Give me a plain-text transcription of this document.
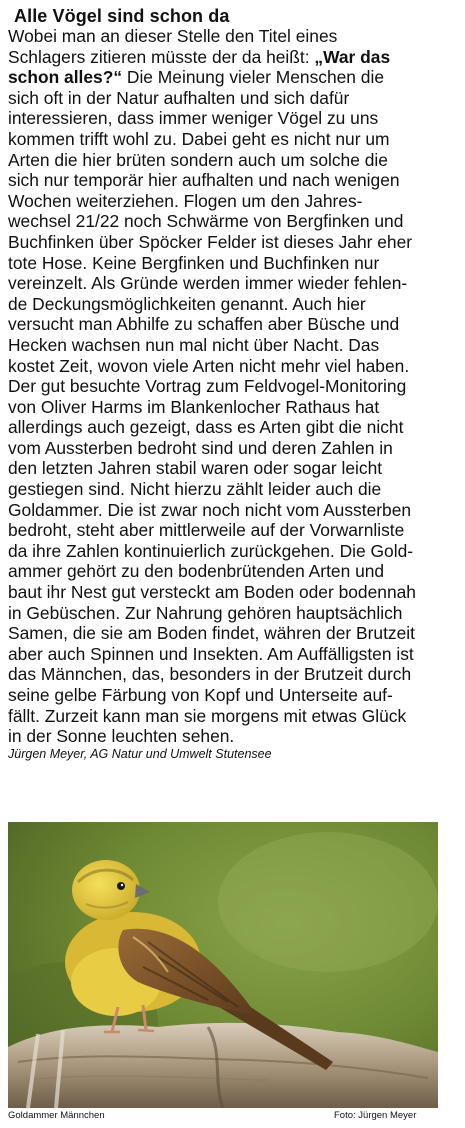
Alle Vögel sind schon da

Wobei man an dieser Stelle den Titel eines
Schlagers zitieren müsste der da heißt: „War das
schon alles?“ Die Meinung vieler Menschen die
sich oft in der Natur aufhalten und sich dafür
interessieren, dass immer weniger Vögel zu uns
kommen trifft wohl zu. Dabei geht es nicht nur um
Arten die hier brüten sondern auch um solche die
sich nur temporär hier aufhalten und nach wenigen
Wochen weiterziehen. Flogen um den Jahres-
wechsel 21/22 noch Schwärme von Bergfinken und
Buchfinken über Spöcker Felder ist dieses Jahr eher
tote Hose. Keine Bergfinken und Buchfinken nur
vereinzelt. Als Gründe werden immer wieder fehlen-
de Deckungsmöglichkeiten genannt. Auch hier
versucht man Abhilfe zu schaffen aber Büsche und
Hecken wachsen nun mal nicht über Nacht. Das
kostet Zeit, wovon viele Arten nicht mehr viel haben.
Der gut besuchte Vortrag zum Feldvogel-Monitoring
von Oliver Harms im Blankenlocher Rathaus hat
allerdings auch gezeigt, dass es Arten gibt die nicht
vom Aussterben bedroht sind und deren Zahlen in
den letzten Jahren stabil waren oder sogar leicht
gestiegen sind. Nicht hierzu zählt leider auch die
Goldammer. Die ist zwar noch nicht vom Aussterben
bedroht, steht aber mittlerweile auf der Vorwarnliste
da ihre Zahlen kontinuierlich zurückgehen. Die Gold-
ammer gehört zu den bodenbrütenden Arten und
baut ihr Nest gut versteckt am Boden oder bodennah
in Gebüschen. Zur Nahrung gehören hauptsächlich
Samen, die sie am Boden findet, währen der Brutzeit
aber auch Spinnen und Insekten. Am Auffälligsten ist
das Männchen, das, besonders in der Brutzeit durch
seine gelbe Färbung von Kopf und Unterseite auf-
fällt. Zurzeit kann man sie morgens mit etwas Glück
in der Sonne leuchten sehen.

Jürgen Meyer, AG Natur und Umwelt Stutensee

Goldammer Männchen	Foto: Jürgen Meyer
